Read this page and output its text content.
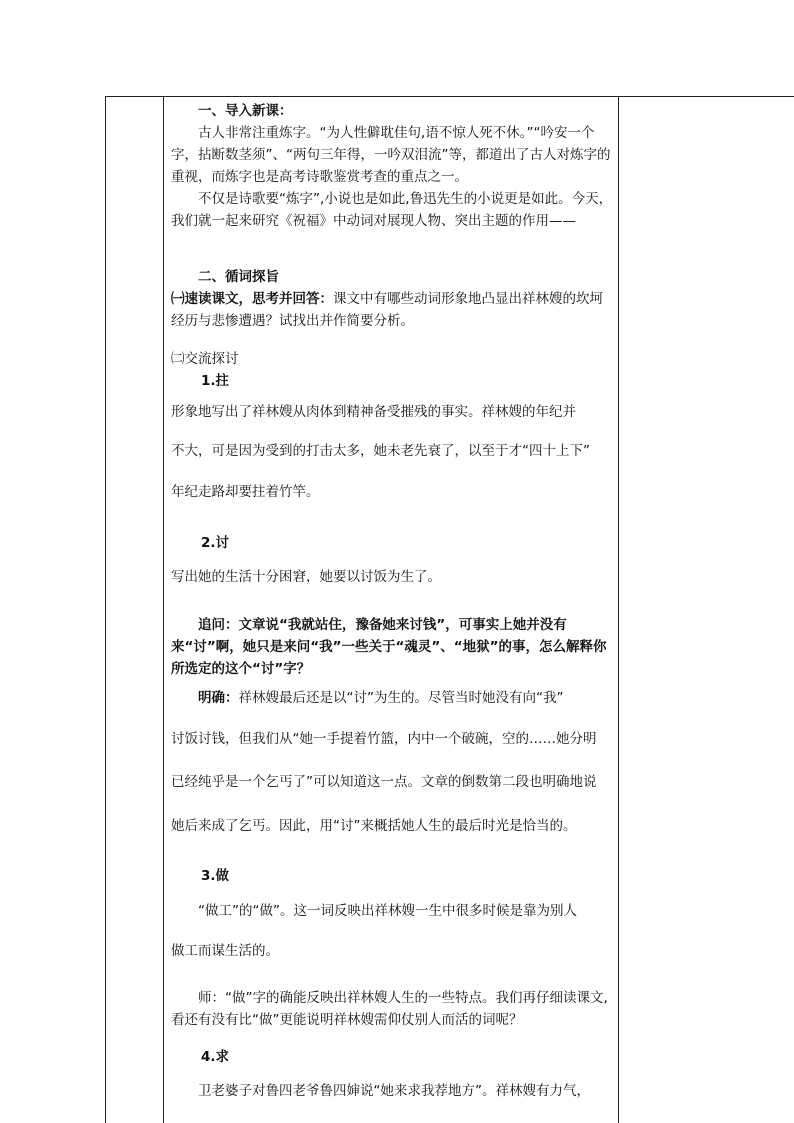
一、导入新课：

古人非常注重炼字。“为人性僻耽佳句,语不惊人死不休。”“吟安一个字，拈断数茎须”、“两句三年得，一吟双泪流”等，都道出了古人对炼字的重视，而炼字也是高考诗歌鉴赏考查的重点之一。

不仅是诗歌要“炼字”,小说也是如此,鲁迅先生的小说更是如此。今天，我们就一起来研究《祝福》中动词对展现人物、突出主题的作用——

二、循词探旨

㈠速读课文，思考并回答：课文中有哪些动词形象地凸显出祥林嫂的坎坷经历与悲惨遭遇？试找出并作简要分析。

㈡交流探讨

1.拄

形象地写出了祥林嫂从肉体到精神备受摧残的事实。祥林嫂的年纪并

不大，可是因为受到的打击太多，她未老先衰了，以至于才“四十上下”

年纪走路却要拄着竹竿。

2.讨

写出她的生活十分困窘，她要以讨饭为生了。

追问：文章说“我就站住，豫备她来讨钱”，可事实上她并没有来“讨”啊，她只是来问“我”一些关于“魂灵”、“地狱”的事，怎么解释你所选定的这个“讨”字？

明确：祥林嫂最后还是以“讨”为生的。尽管当时她没有向“我”

讨饭讨钱，但我们从“她一手提着竹篮，内中一个破碗，空的……她分明

已经纯乎是一个乞丐了”可以知道这一点。文章的倒数第二段也明确地说

她后来成了乞丐。因此，用“讨”来概括她人生的最后时光是恰当的。

3.做

“做工”的“做”。这一词反映出祥林嫂一生中很多时候是靠为别人

做工而谋生活的。

师：“做”字的确能反映出祥林嫂人生的一些特点。我们再仔细读课文,看还有没有比“做”更能说明祥林嫂需仰仗别人而活的词呢？

4.求

卫老婆子对鲁四老爷鲁四婶说“她来求我荐地方”。祥林嫂有力气，
